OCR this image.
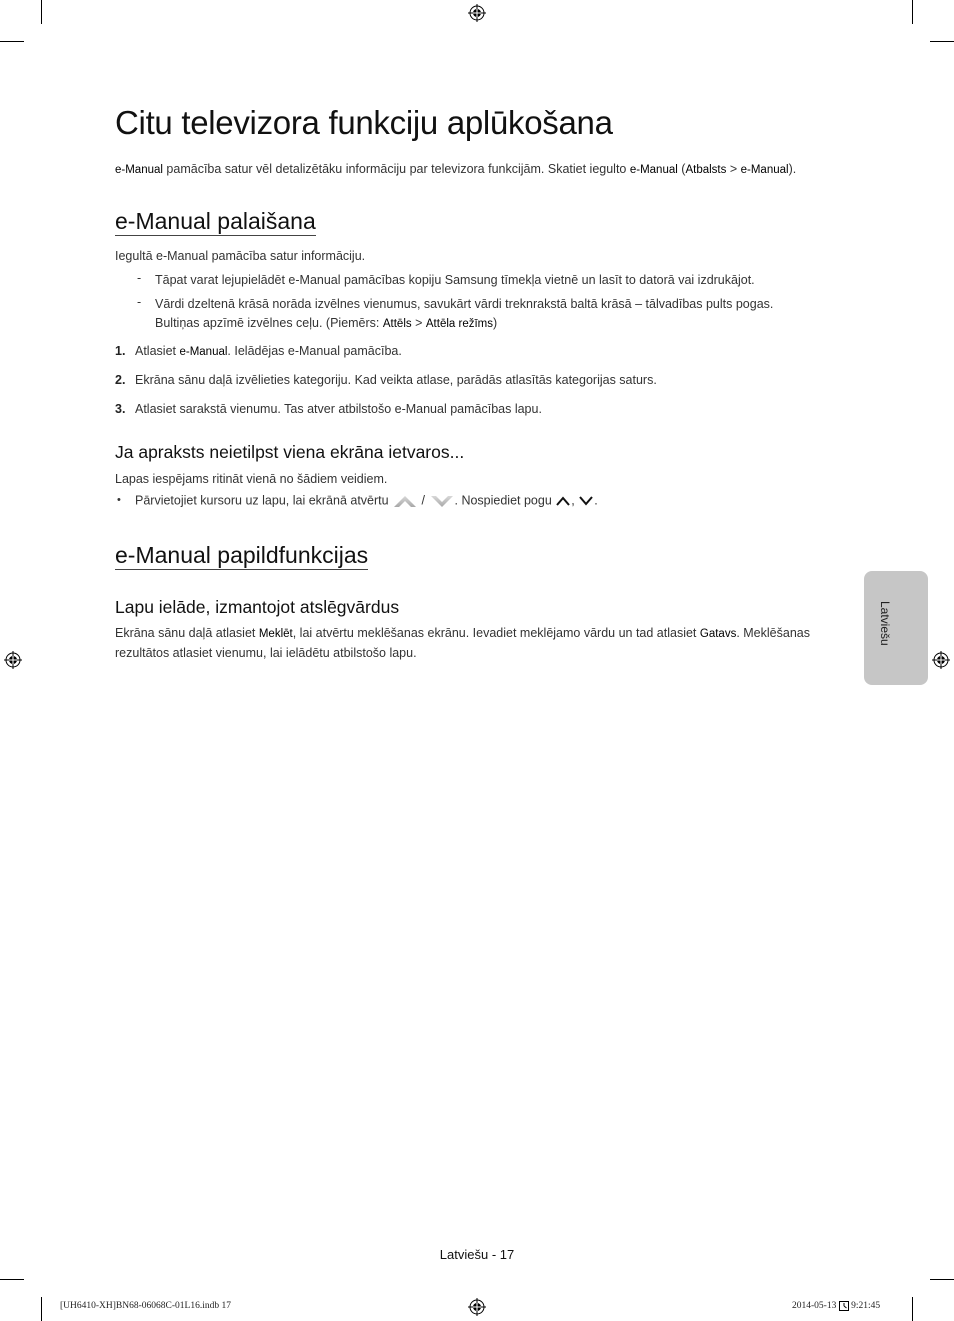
Citu televizora funkciju aplūkošana
e-Manual pamācība satur vēl detalizētāku informāciju par televizora funkcijām. Skatiet iegulto e-Manual (Atbalsts > e-Manual).
e-Manual palaišana
Iegultā e-Manual pamācība satur informāciju.
- Tāpat varat lejupielādēt e-Manual pamācības kopiju Samsung tīmekļa vietnē un lasīt to datorā vai izdrukājot.
- Vārdi dzeltenā krāsā norāda izvēlnes vienumus, savukārt vārdi treknrakstā baltā krāsā – tālvadības pults pogas.
Bultiņas apzīmē izvēlnes ceļu. (Piemērs: Attēls > Attēla režīms)
1. Atlasiet e-Manual. Ielādējas e-Manual pamācība.
2. Ekrāna sānu daļā izvēlieties kategoriju. Kad veikta atlase, parādās atlasītās kategorijas saturs.
3. Atlasiet sarakstā vienumu. Tas atver atbilstošo e-Manual pamācības lapu.
Ja apraksts neietilpst viena ekrāna ietvaros...
Lapas iespējams ritināt vienā no šādiem veidiem.
• Pārvietojiet kursoru uz lapu, lai ekrānā atvērtu  / . Nospiediet pogu , .
e-Manual papildfunkcijas
Lapu ielāde, izmantojot atslēgvārdus
Ekrāna sānu daļā atlasiet Meklēt, lai atvērtu meklēšanas ekrānu. Ievadiet meklējamo vārdu un tad atlasiet Gatavs. Meklēšanas
rezultātos atlasiet vienumu, lai ielādētu atbilstošo lapu.
Latviešu
Latviešu - 17
[UH6410-XH]BN68-06068C-01L16.indb 17	2014-05-13  9:21:45
